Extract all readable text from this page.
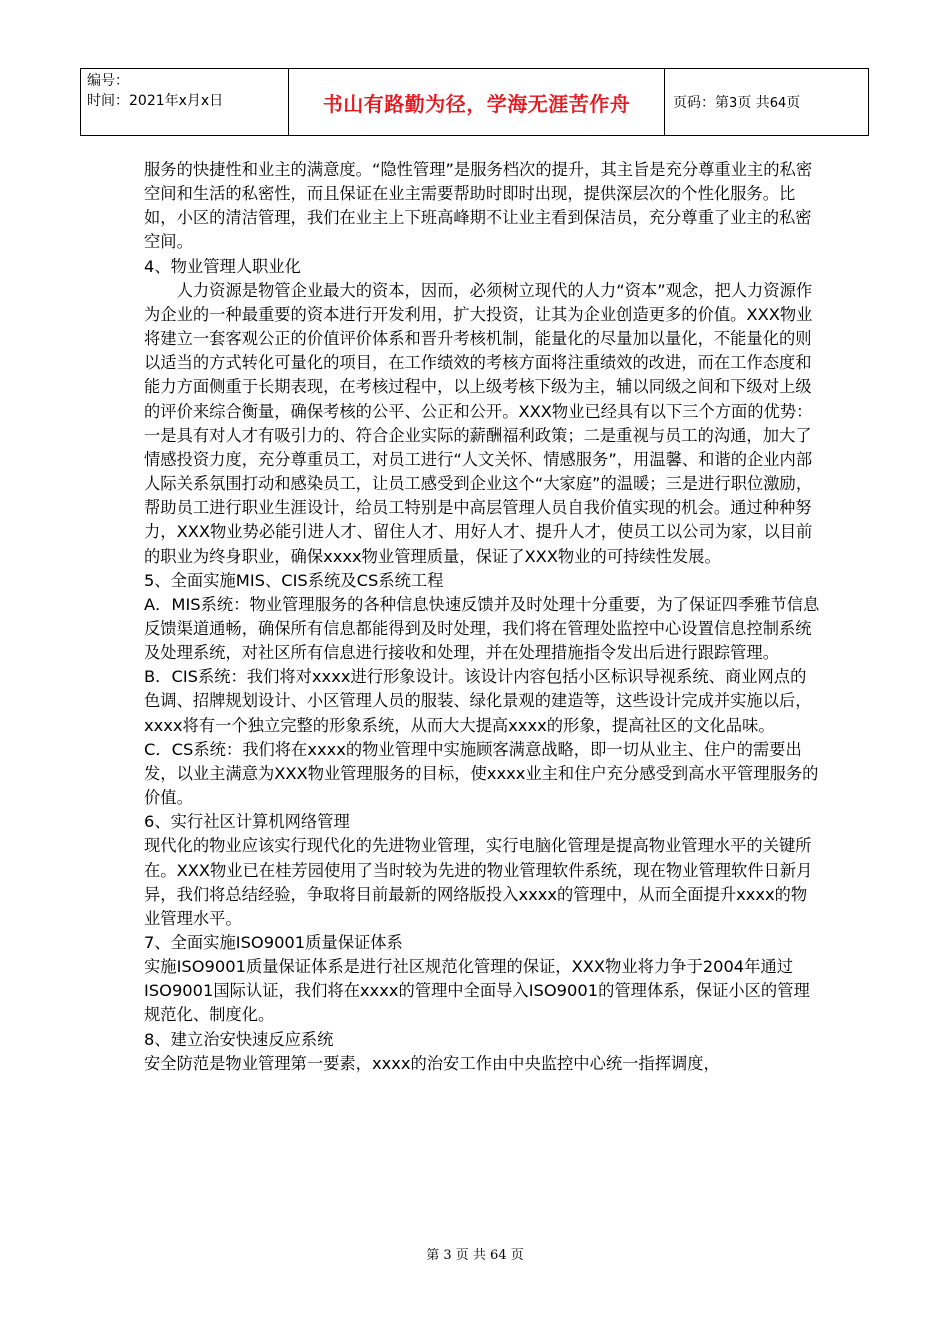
编号：
时间：2021年x月x日	书山有路勤为径，学海无涯苦作舟	页码：第3页 共64页

服务的快捷性和业主的满意度。“隐性管理”是服务档次的提升，其主旨是充分尊重业主的私密空间和生活的私密性，而且保证在业主需要帮助时即时出现，提供深层次的个性化服务。比如，小区的清洁管理，我们在业主上下班高峰期不让业主看到保洁员，充分尊重了业主的私密空间。

4、物业管理人职业化

人力资源是物管企业最大的资本，因而，必须树立现代的人力“资本”观念，把人力资源作为企业的一种最重要的资本进行开发利用，扩大投资，让其为企业创造更多的价值。XXX物业将建立一套客观公正的价值评价体系和晋升考核机制，能量化的尽量加以量化，不能量化的则以适当的方式转化可量化的项目，在工作绩效的考核方面将注重绩效的改进，而在工作态度和能力方面侧重于长期表现，在考核过程中，以上级考核下级为主，辅以同级之间和下级对上级的评价来综合衡量，确保考核的公平、公正和公开。XXX物业已经具有以下三个方面的优势：一是具有对人才有吸引力的、符合企业实际的薪酬福利政策；二是重视与员工的沟通，加大了情感投资力度，充分尊重员工，对员工进行“人文关怀、情感服务”，用温馨、和谐的企业内部人际关系氛围打动和感染员工，让员工感受到企业这个“大家庭”的温暖；三是进行职位激励，帮助员工进行职业生涯设计，给员工特别是中高层管理人员自我价值实现的机会。通过种种努力，XXX物业势必能引进人才、留住人才、用好人才、提升人才，使员工以公司为家，以目前的职业为终身职业，确保xxxx物业管理质量，保证了XXX物业的可持续性发展。

5、全面实施MIS、CIS系统及CS系统工程

A．MIS系统：物业管理服务的各种信息快速反馈并及时处理十分重要，为了保证四季雅节信息反馈渠道通畅，确保所有信息都能得到及时处理，我们将在管理处监控中心设置信息控制系统及处理系统，对社区所有信息进行接收和处理，并在处理措施指令发出后进行跟踪管理。

B．CIS系统：我们将对xxxx进行形象设计。该设计内容包括小区标识导视系统、商业网点的色调、招牌规划设计、小区管理人员的服装、绿化景观的建造等，这些设计完成并实施以后，xxxx将有一个独立完整的形象系统，从而大大提高xxxx的形象，提高社区的文化品味。

C．CS系统：我们将在xxxx的物业管理中实施顾客满意战略，即一切从业主、住户的需要出发，以业主满意为XXX物业管理服务的目标，使xxxx业主和住户充分感受到高水平管理服务的价值。

6、实行社区计算机网络管理

现代化的物业应该实行现代化的先进物业管理，实行电脑化管理是提高物业管理水平的关键所在。XXX物业已在桂芳园使用了当时较为先进的物业管理软件系统，现在物业管理软件日新月异，我们将总结经验，争取将目前最新的网络版投入xxxx的管理中，从而全面提升xxxx的物业管理水平。

7、全面实施ISO9001质量保证体系

实施ISO9001质量保证体系是进行社区规范化管理的保证，XXX物业将力争于2004年通过ISO9001国际认证，我们将在xxxx的管理中全面导入ISO9001的管理体系，保证小区的管理规范化、制度化。

8、建立治安快速反应系统

安全防范是物业管理第一要素，xxxx的治安工作由中央监控中心统一指挥调度，

第 3 页 共 64 页
